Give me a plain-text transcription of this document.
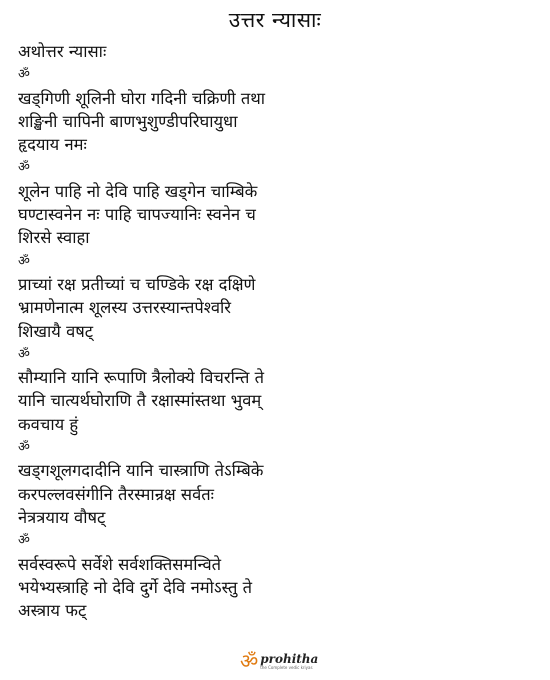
उत्तर न्यासाः
अथोत्तर न्यासाः
ॐ
खड्गिणी शूलिनी घोरा गदिनी चक्रिणी तथा
शङ्खिनी चापिनी बाणभुशुण्डीपरिघायुधा
हृदयाय नमः
ॐ
शूलेन पाहि नो देवि पाहि खड्गेन चाम्बिके
घण्टास्वनेन नः पाहि चापज्यानिः स्वनेन च
शिरसे स्वाहा
ॐ
प्राच्यां रक्ष प्रतीच्यां च चण्डिके रक्ष दक्षिणे
भ्रामणेनात्म शूलस्य उत्तरस्यान्तपेश्वरि
शिखायै वषट्
ॐ
सौम्यानि यानि रूपाणि त्रैलोक्ये विचरन्ति ते
यानि चात्यर्थघोराणि तै रक्षास्मांस्तथा भुवम्
कवचाय हुं
ॐ
खड्गशूलगदादीनि यानि चास्त्राणि तेऽम्बिके
करपल्लवसंगीनि तैरस्मान्रक्ष सर्वतः
नेत्रत्रयाय वौषट्
ॐ
सर्वस्वरूपे सर्वेशे सर्वशक्तिसमन्विते
भयेभ्यस्त्राहि नो देवि दुर्गे देवि नमोऽस्तु ते
अस्त्राय फट्
ॐ prohitha
the Complete vedic kriyas
